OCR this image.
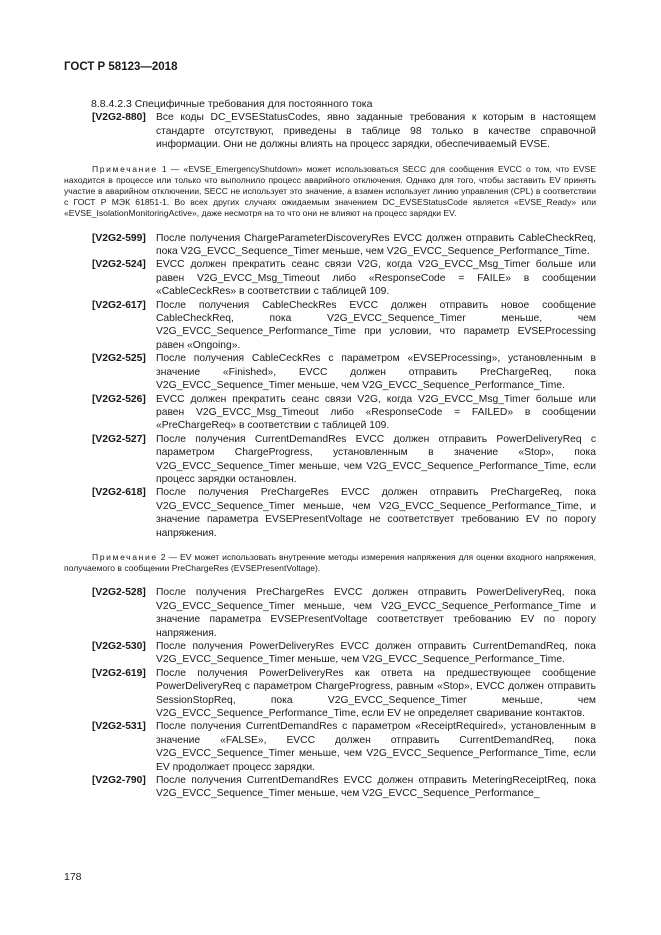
ГОСТ Р 58123—2018
8.8.4.2.3 Специфичные требования для постоянного тока
[V2G2-880] Все коды DC_EVSEStatusCodes, явно заданные требования к которым в настоящем стандарте отсутствуют, приведены в таблице 98 только в качестве справочной информации. Они не должны влиять на процесс зарядки, обеспечиваемый EVSE.
Примечание 1 — «EVSE_EmergencyShutdown» может использоваться SECC для сообщения EVCC о том, что EVSE находится в процессе или только что выполнило процесс аварийного отключения. Однако для того, чтобы заставить EV принять участие в аварийном отключении, SECC не использует это значение, а взамен использует линию управления (CPL) в соответствии с ГОСТ Р МЭК 61851-1. Во всех других случаях ожидаемым значением DC_EVSEStatusCode является «EVSE_Ready» или «EVSE_IsolationMonitoringActive», даже несмотря на то что они не влияют на процесс зарядки EV.
[V2G2-599] После получения ChargeParameterDiscoveryRes EVCC должен отправить CableCheckReq, пока V2G_EVCC_Sequence_Timer меньше, чем V2G_EVCC_Sequence_Performance_Time.
[V2G2-524] EVCC должен прекратить сеанс связи V2G, когда V2G_EVCC_Msg_Timer больше или равен V2G_EVCC_Msg_Timeout либо «ResponseCode = FAILE» в сообщении «CableCeckRes» в соответствии с таблицей 109.
[V2G2-617] После получения CableCheckRes EVCC должен отправить новое сообщение CableCheckReq, пока V2G_EVCC_Sequence_Timer меньше, чем V2G_EVCC_Sequence_Performance_Time при условии, что параметр EVSEProcessing равен «Ongoing».
[V2G2-525] После получения CableCeckRes с параметром «EVSEProcessing», установленным в значение «Finished», EVCC должен отправить PreChargeReq, пока V2G_EVCC_Sequence_Timer меньше, чем V2G_EVCC_Sequence_Performance_Time.
[V2G2-526] EVCC должен прекратить сеанс связи V2G, когда V2G_EVCC_Msg_Timer больше или равен V2G_EVCC_Msg_Timeout либо «ResponseCode = FAILED» в сообщении «PreChargeReq» в соответствии с таблицей 109.
[V2G2-527] После получения CurrentDemandRes EVCC должен отправить PowerDeliveryReq с параметром ChargeProgress, установленным в значение «Stop», пока V2G_EVCC_Sequence_Timer меньше, чем V2G_EVCC_Sequence_Performance_Time, если процесс зарядки остановлен.
[V2G2-618] После получения PreChargeRes EVCC должен отправить PreChargeReq, пока V2G_EVCC_Sequence_Timer меньше, чем V2G_EVCC_Sequence_Performance_Time, и значение параметра EVSEPresentVoltage не соответствует требованию EV по порогу напряжения.
Примечание 2 — EV может использовать внутренние методы измерения напряжения для оценки входного напряжения, получаемого в сообщении PreChargeRes (EVSEPresentVoltage).
[V2G2-528] После получения PreChargeRes EVCC должен отправить PowerDeliveryReq, пока V2G_EVCC_Sequence_Timer меньше, чем V2G_EVCC_Sequence_Performance_Time и значение параметра EVSEPresentVoltage соответствует требованию EV по порогу напряжения.
[V2G2-530] После получения PowerDeliveryRes EVCC должен отправить CurrentDemandReq, пока V2G_EVCC_Sequence_Timer меньше, чем V2G_EVCC_Sequence_Performance_Time.
[V2G2-619] После получения PowerDeliveryRes как ответа на предшествующее сообщение PowerDeliveryReq с параметром ChargeProgress, равным «Stop», EVCC должен отправить SessionStopReq, пока V2G_EVCC_Sequence_Timer меньше, чем V2G_EVCC_Sequence_Performance_Time, если EV не определяет сваривание контактов.
[V2G2-531] После получения CurrentDemandRes с параметром «ReceiptRequired», установленным в значение «FALSE», EVCC должен отправить CurrentDemandReq, пока V2G_EVCC_Sequence_Timer меньше, чем V2G_EVCC_Sequence_Performance_Time, если EV продолжает процесс зарядки.
[V2G2-790] После получения CurrentDemandRes EVCC должен отправить MeteringReceiptReq, пока V2G_EVCC_Sequence_Timer меньше, чем V2G_EVCC_Sequence_Performance_
178
